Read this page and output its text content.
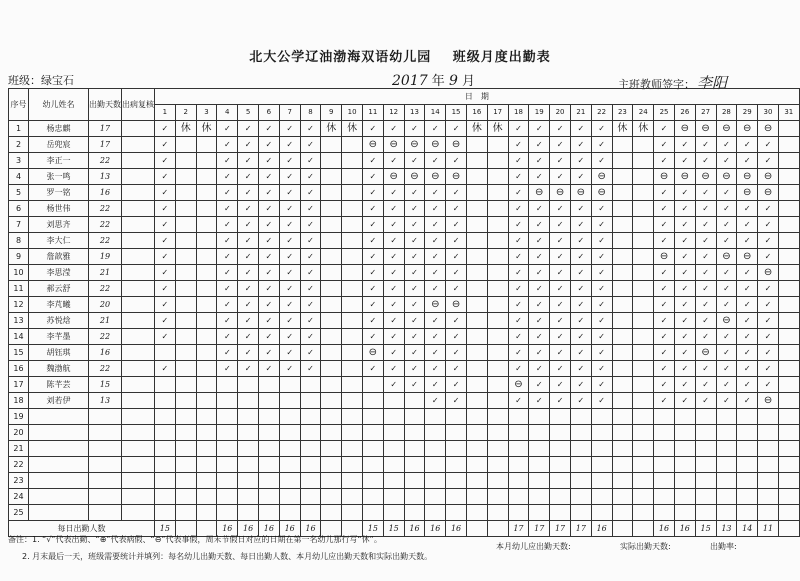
北大公学辽油渤海双语幼儿园 班级月度出勤表
班级：绿宝石	2017 年 9 月	主班教师签字： 李阳
序号	幼儿姓名	出勤天数	出病复核	日　期																														
				1	2	3	4	5	6	7	8	9	10	11	12	13	14	15	16	17	18	19	20	21	22	23	24	25	26	27	28	29	30	31
1	杨忠麒	17		✓	休	休	✓	✓	✓	✓	✓	休	休	✓	✓	✓	✓	✓	休	休	✓	✓	✓	✓	✓	休	休	✓	⊖	⊖	⊖	⊖	⊖	
2	岳兜宸	17		✓			✓	✓	✓	✓	✓			⊖	⊖	⊖	⊖	⊖			✓	✓	✓	✓	✓			✓	✓	✓	✓	✓	✓	
3	李正一	22		✓			✓	✓	✓	✓	✓			✓	✓	✓	✓	✓			✓	✓	✓	✓	✓			✓	✓	✓	✓	✓	✓	
4	张一鸣	13		✓			✓	✓	✓	✓	✓			✓	⊖	⊖	⊖	⊖			✓	✓	✓	✓	⊖			⊖	⊖	⊖	⊖	⊖	⊖	
5	罗一铭	16		✓			✓	✓	✓	✓	✓			✓	✓	✓	✓	✓			✓	⊖	⊖	⊖	⊖			✓	✓	✓	✓	⊖	⊖	
6	杨世伟	22		✓			✓	✓	✓	✓	✓			✓	✓	✓	✓	✓			✓	✓	✓	✓	✓			✓	✓	✓	✓	✓	✓	
7	刘思齐	22		✓			✓	✓	✓	✓	✓			✓	✓	✓	✓	✓			✓	✓	✓	✓	✓			✓	✓	✓	✓	✓	✓	
8	李大仁	22		✓			✓	✓	✓	✓	✓			✓	✓	✓	✓	✓			✓	✓	✓	✓	✓			✓	✓	✓	✓	✓	✓	
9	詹歆雅	19		✓			✓	✓	✓	✓	✓			✓	✓	✓	✓	✓			✓	✓	✓	✓	✓			⊖	✓	✓	⊖	⊖	✓	
10	李思滢	21		✓			✓	✓	✓	✓	✓			✓	✓	✓	✓	✓			✓	✓	✓	✓	✓			✓	✓	✓	✓	✓	⊖	
11	郝云舒	22		✓			✓	✓	✓	✓	✓			✓	✓	✓	✓	✓			✓	✓	✓	✓	✓			✓	✓	✓	✓	✓	✓	
12	李芃曦	20		✓			✓	✓	✓	✓	✓			✓	✓	✓	⊖	⊖			✓	✓	✓	✓	✓			✓	✓	✓	✓	✓	✓	
13	苏悦焓	21		✓			✓	✓	✓	✓	✓			✓	✓	✓	✓	✓			✓	✓	✓	✓	✓			✓	✓	✓	⊖	✓	✓	
14	李芊墨	22		✓			✓	✓	✓	✓	✓			✓	✓	✓	✓	✓			✓	✓	✓	✓	✓			✓	✓	✓	✓	✓	✓	
15	胡钰琪	16					✓	✓	✓	✓	✓			⊖	✓	✓	✓	✓			✓	✓	✓	✓	✓			✓	✓	⊖	✓	✓	✓	
16	魏渤航	22		✓			✓	✓	✓	✓	✓			✓	✓	✓	✓	✓			✓	✓	✓	✓	✓			✓	✓	✓	✓	✓	✓	
17	陈芊芸	15													✓	✓	✓	✓			⊖	✓	✓	✓	✓			✓	✓	✓	✓	✓	✓	
18	刘若伊	13															✓	✓			✓	✓	✓	✓	✓			✓	✓	✓	✓	✓	⊖	
19																																		
20																																		
21																																		
22																																		
23																																		
24																																		
25																																		
每日出勤人数				15			16	16	16	16	16			15	15	16	16	16			17	17	17	17	16			16	16	15	13	14	11	
备注：1. “√”代表出勤、“⊕”代表病假、“⊖”代表事假，周末节假日对应的日期在第一名幼儿那行写“休”。
2. 月末最后一天，班级需要统计并填列：每名幼儿出勤天数、每日出勤人数、本月幼儿应出勤天数和实际出勤天数。
本月幼儿应出勤天数:	实际出勤天数:	出勤率:
